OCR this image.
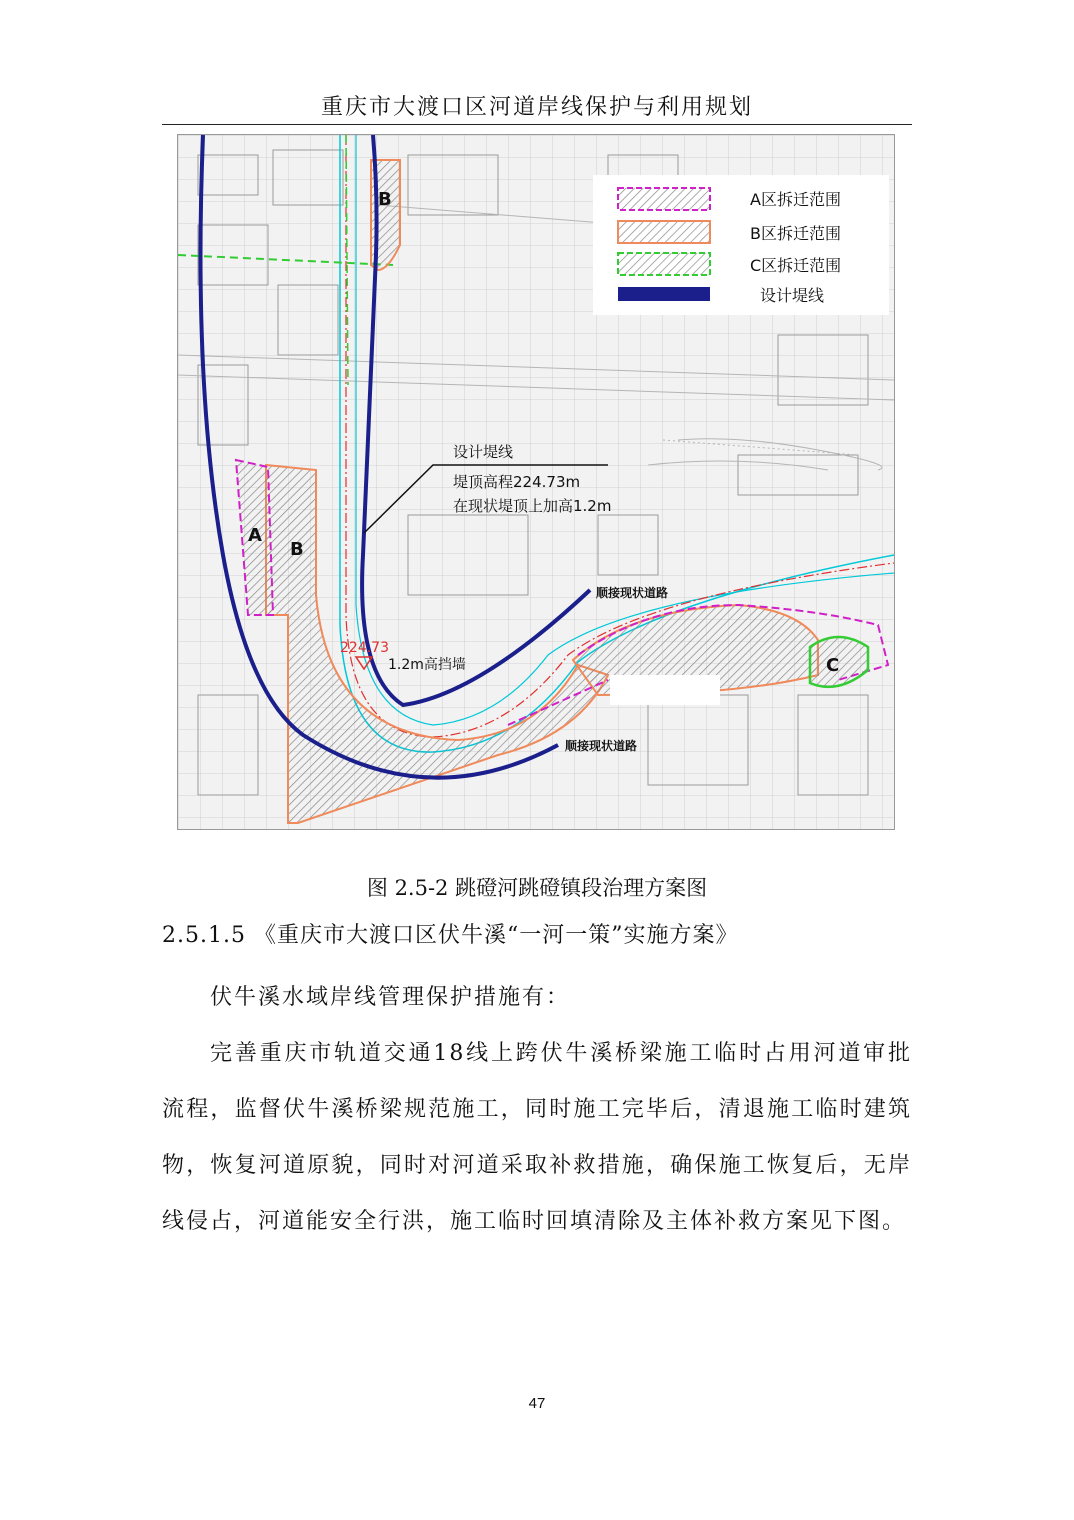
重庆市大渡口区河道岸线保护与利用规划
A区拆迁范围
B区拆迁范围
C区拆迁范围
设计堤线
B
A
B
C
设计堤线
堤顶高程224.73m
在现状堤顶上加高1.2m
224.73
1.2m高挡墙
顺接现状道路
顺接现状道路
图 2.5-2 跳磴河跳磴镇段治理方案图
2.5.1.5 《重庆市大渡口区伏牛溪“一河一策”实施方案》
伏牛溪水域岸线管理保护措施有：
完善重庆市轨道交通18线上跨伏牛溪桥梁施工临时占用河道审批流程，监督伏牛溪桥梁规范施工，同时施工完毕后，清退施工临时建筑物，恢复河道原貌，同时对河道采取补救措施，确保施工恢复后，无岸线侵占，河道能安全行洪，施工临时回填清除及主体补救方案见下图。
47
